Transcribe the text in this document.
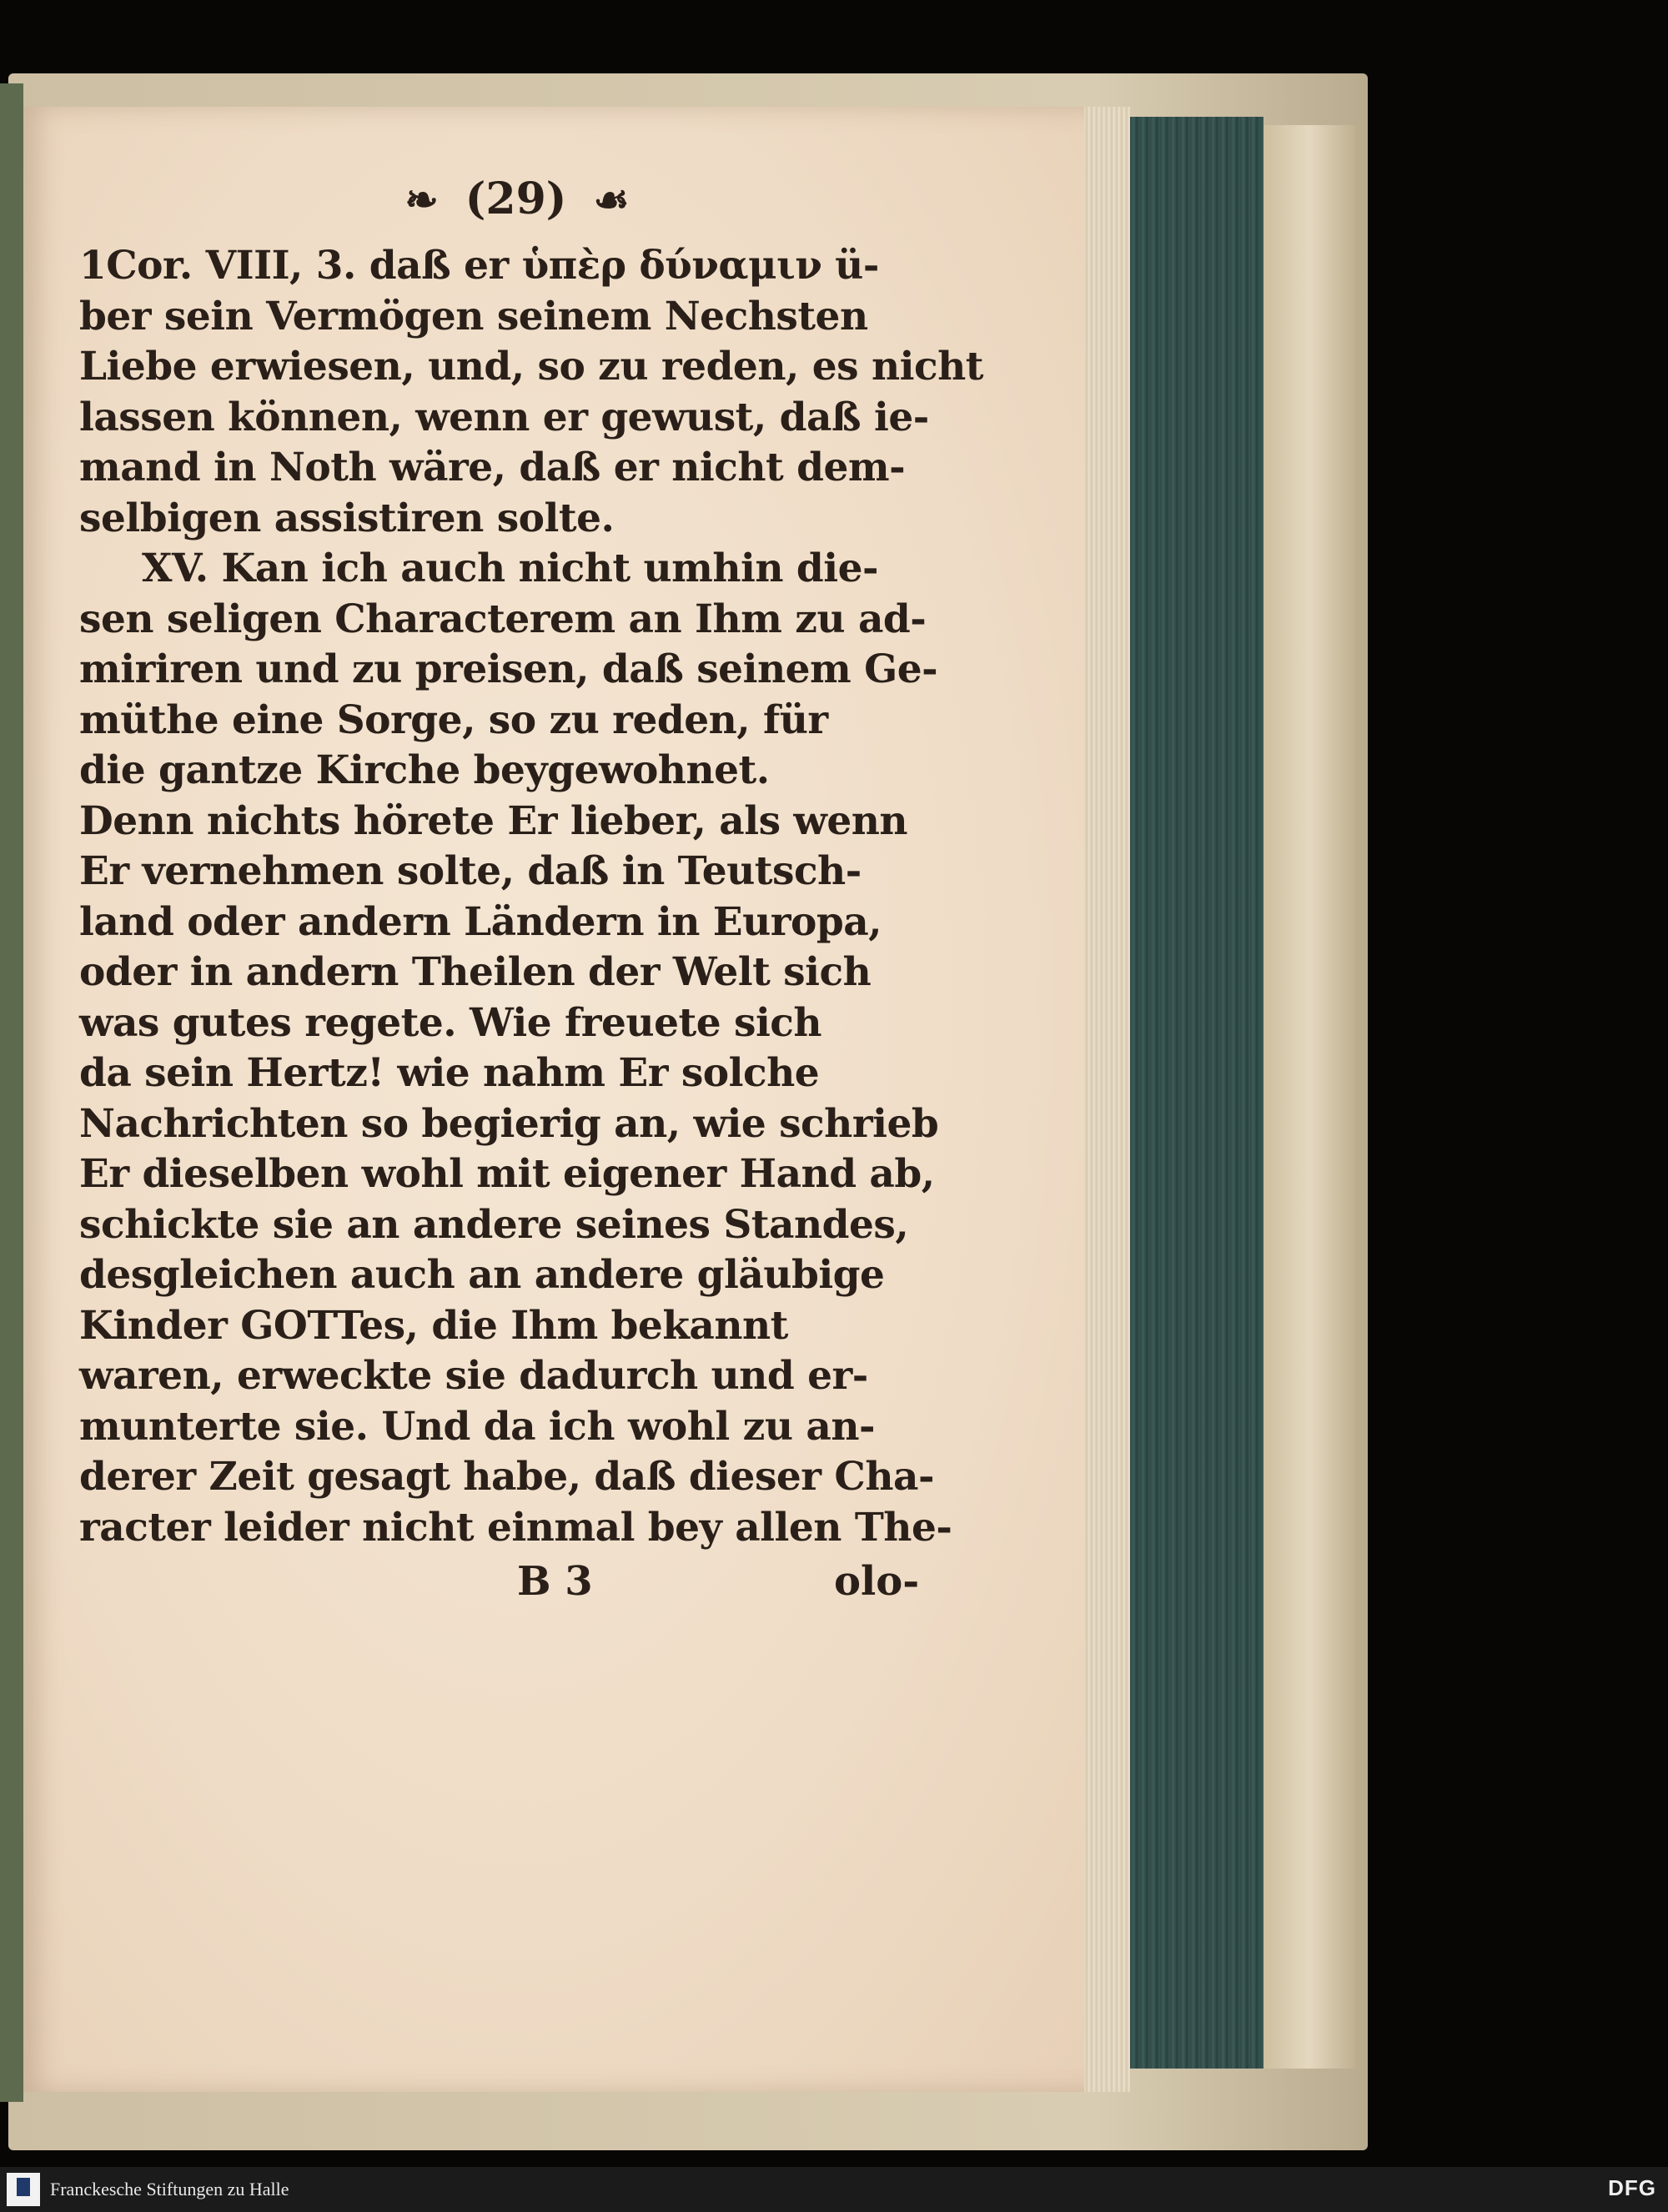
❧ (29) ☙
1Cor. VIII, 3. daß er ὑπὲρ δύναμιν ü-
ber sein Vermögen seinem Nechsten
Liebe erwiesen, und, so zu reden, es nicht
lassen können, wenn er gewust, daß ie-
mand in Noth wäre, daß er nicht dem-
selbigen assistiren solte.
XV. Kan ich auch nicht umhin die-
sen seligen Characterem an Ihm zu ad-
miriren und zu preisen, daß seinem Ge-
müthe eine Sorge, so zu reden, für
die gantze Kirche beygewohnet.
Denn nichts hörete Er lieber, als wenn
Er vernehmen solte, daß in Teutsch-
land oder andern Ländern in Europa,
oder in andern Theilen der Welt sich
was gutes regete. Wie freuete sich
da sein Hertz! wie nahm Er solche
Nachrichten so begierig an, wie schrieb
Er dieselben wohl mit eigener Hand ab,
schickte sie an andere seines Standes,
desgleichen auch an andere gläubige
Kinder GOTTes, die Ihm bekannt
waren, erweckte sie dadurch und er-
munterte sie. Und da ich wohl zu an-
derer Zeit gesagt habe, daß dieser Cha-
racter leider nicht einmal bey allen The-
B 3	olo-
Franckesche Stiftungen zu Halle	DFG
